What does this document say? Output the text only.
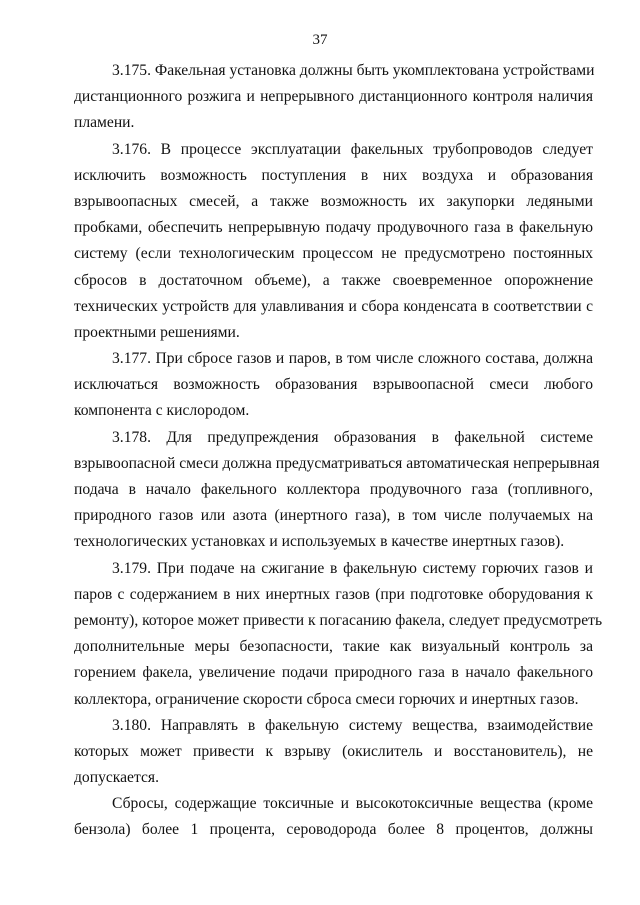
37
3.175. Факельная установка должны быть укомплектована устройствами
дистанционного розжига и непрерывного дистанционного контроля наличия
пламени.
3.176. В процессе эксплуатации факельных трубопроводов следует
исключить возможность поступления в них воздуха и образования
взрывоопасных смесей, а также возможность их закупорки ледяными
пробками, обеспечить непрерывную подачу продувочного газа в факельную
систему (если технологическим процессом не предусмотрено постоянных
сбросов в достаточном объеме), а также своевременное опорожнение
технических устройств для улавливания и сбора конденсата в соответствии с
проектными решениями.
3.177. При сбросе газов и паров, в том числе сложного состава, должна
исключаться возможность образования взрывоопасной смеси любого
компонента с кислородом.
3.178. Для предупреждения образования в факельной системе
взрывоопасной смеси должна предусматриваться автоматическая непрерывная
подача в начало факельного коллектора продувочного газа (топливного,
природного газов или азота (инертного газа), в том числе получаемых на
технологических установках и используемых в качестве инертных газов).
3.179. При подаче на сжигание в факельную систему горючих газов и
паров с содержанием в них инертных газов (при подготовке оборудования к
ремонту), которое может привести к погасанию факела, следует предусмотреть
дополнительные меры безопасности, такие как визуальный контроль за
горением факела, увеличение подачи природного газа в начало факельного
коллектора, ограничение скорости сброса смеси горючих и инертных газов.
3.180. Направлять в факельную систему вещества, взаимодействие
которых может привести к взрыву (окислитель и восстановитель), не
допускается.
Сбросы, содержащие токсичные и высокотоксичные вещества (кроме
бензола) более 1 процента, сероводорода более 8 процентов, должны
